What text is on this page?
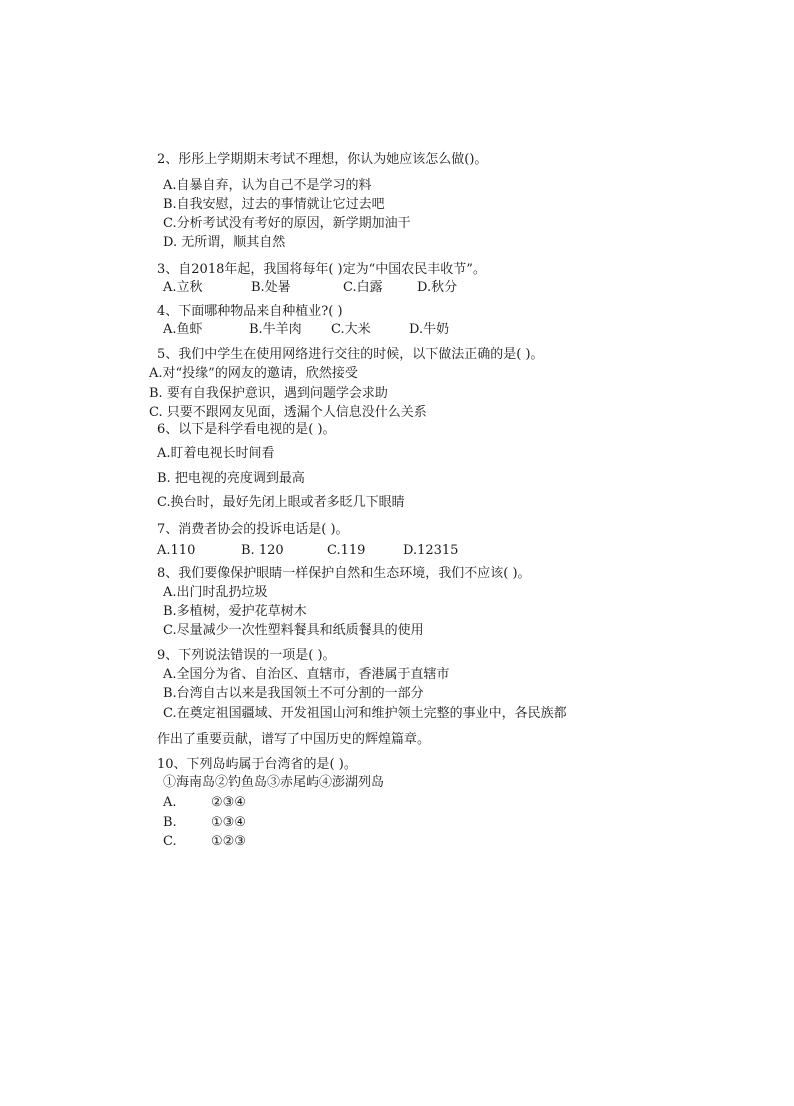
2、彤彤上学期期末考试不理想，你认为她应该怎么做()。
A.自暴自弃，认为自己不是学习的料
B.自我安慰，过去的事情就让它过去吧
C.分析考试没有考好的原因，新学期加油干
D. 无所谓，顺其自然
3、自2018年起，我国将每年( )定为“中国农民丰收节”。
A.立秋	B.处暑	C.白露	D.秋分
4、下面哪种物品来自种植业?( )
A.鱼虾	B.牛羊肉	C.大米	D.牛奶
5、我们中学生在使用网络进行交往的时候，以下做法正确的是( )。
A.对“投缘”的网友的邀请，欣然接受
B. 要有自我保护意识，遇到问题学会求助
C. 只要不跟网友见面，透漏个人信息没什么关系
6、以下是科学看电视的是( )。
A.盯着电视长时间看
B. 把电视的亮度调到最高
C.换台时，最好先闭上眼或者多眨几下眼睛
7、消费者协会的投诉电话是( )。
A.110	B. 120	C.119	D.12315
8、我们要像保护眼睛一样保护自然和生态环境，我们不应该( )。
A.出门时乱扔垃圾
B.多植树，爱护花草树木
C.尽量减少一次性塑料餐具和纸质餐具的使用
9、下列说法错误的一项是( )。
A.全国分为省、自治区、直辖市，香港属于直辖市
B.台湾自古以来是我国领土不可分割的一部分
C.在奠定祖国疆域、开发祖国山河和维护领土完整的事业中，各民族都
作出了重要贡献，谱写了中国历史的辉煌篇章。
10、下列岛屿属于台湾省的是( )。
①海南岛②钓鱼岛③赤尾屿④澎湖列岛
A.	②③④
B.	①③④
C.	①②③
